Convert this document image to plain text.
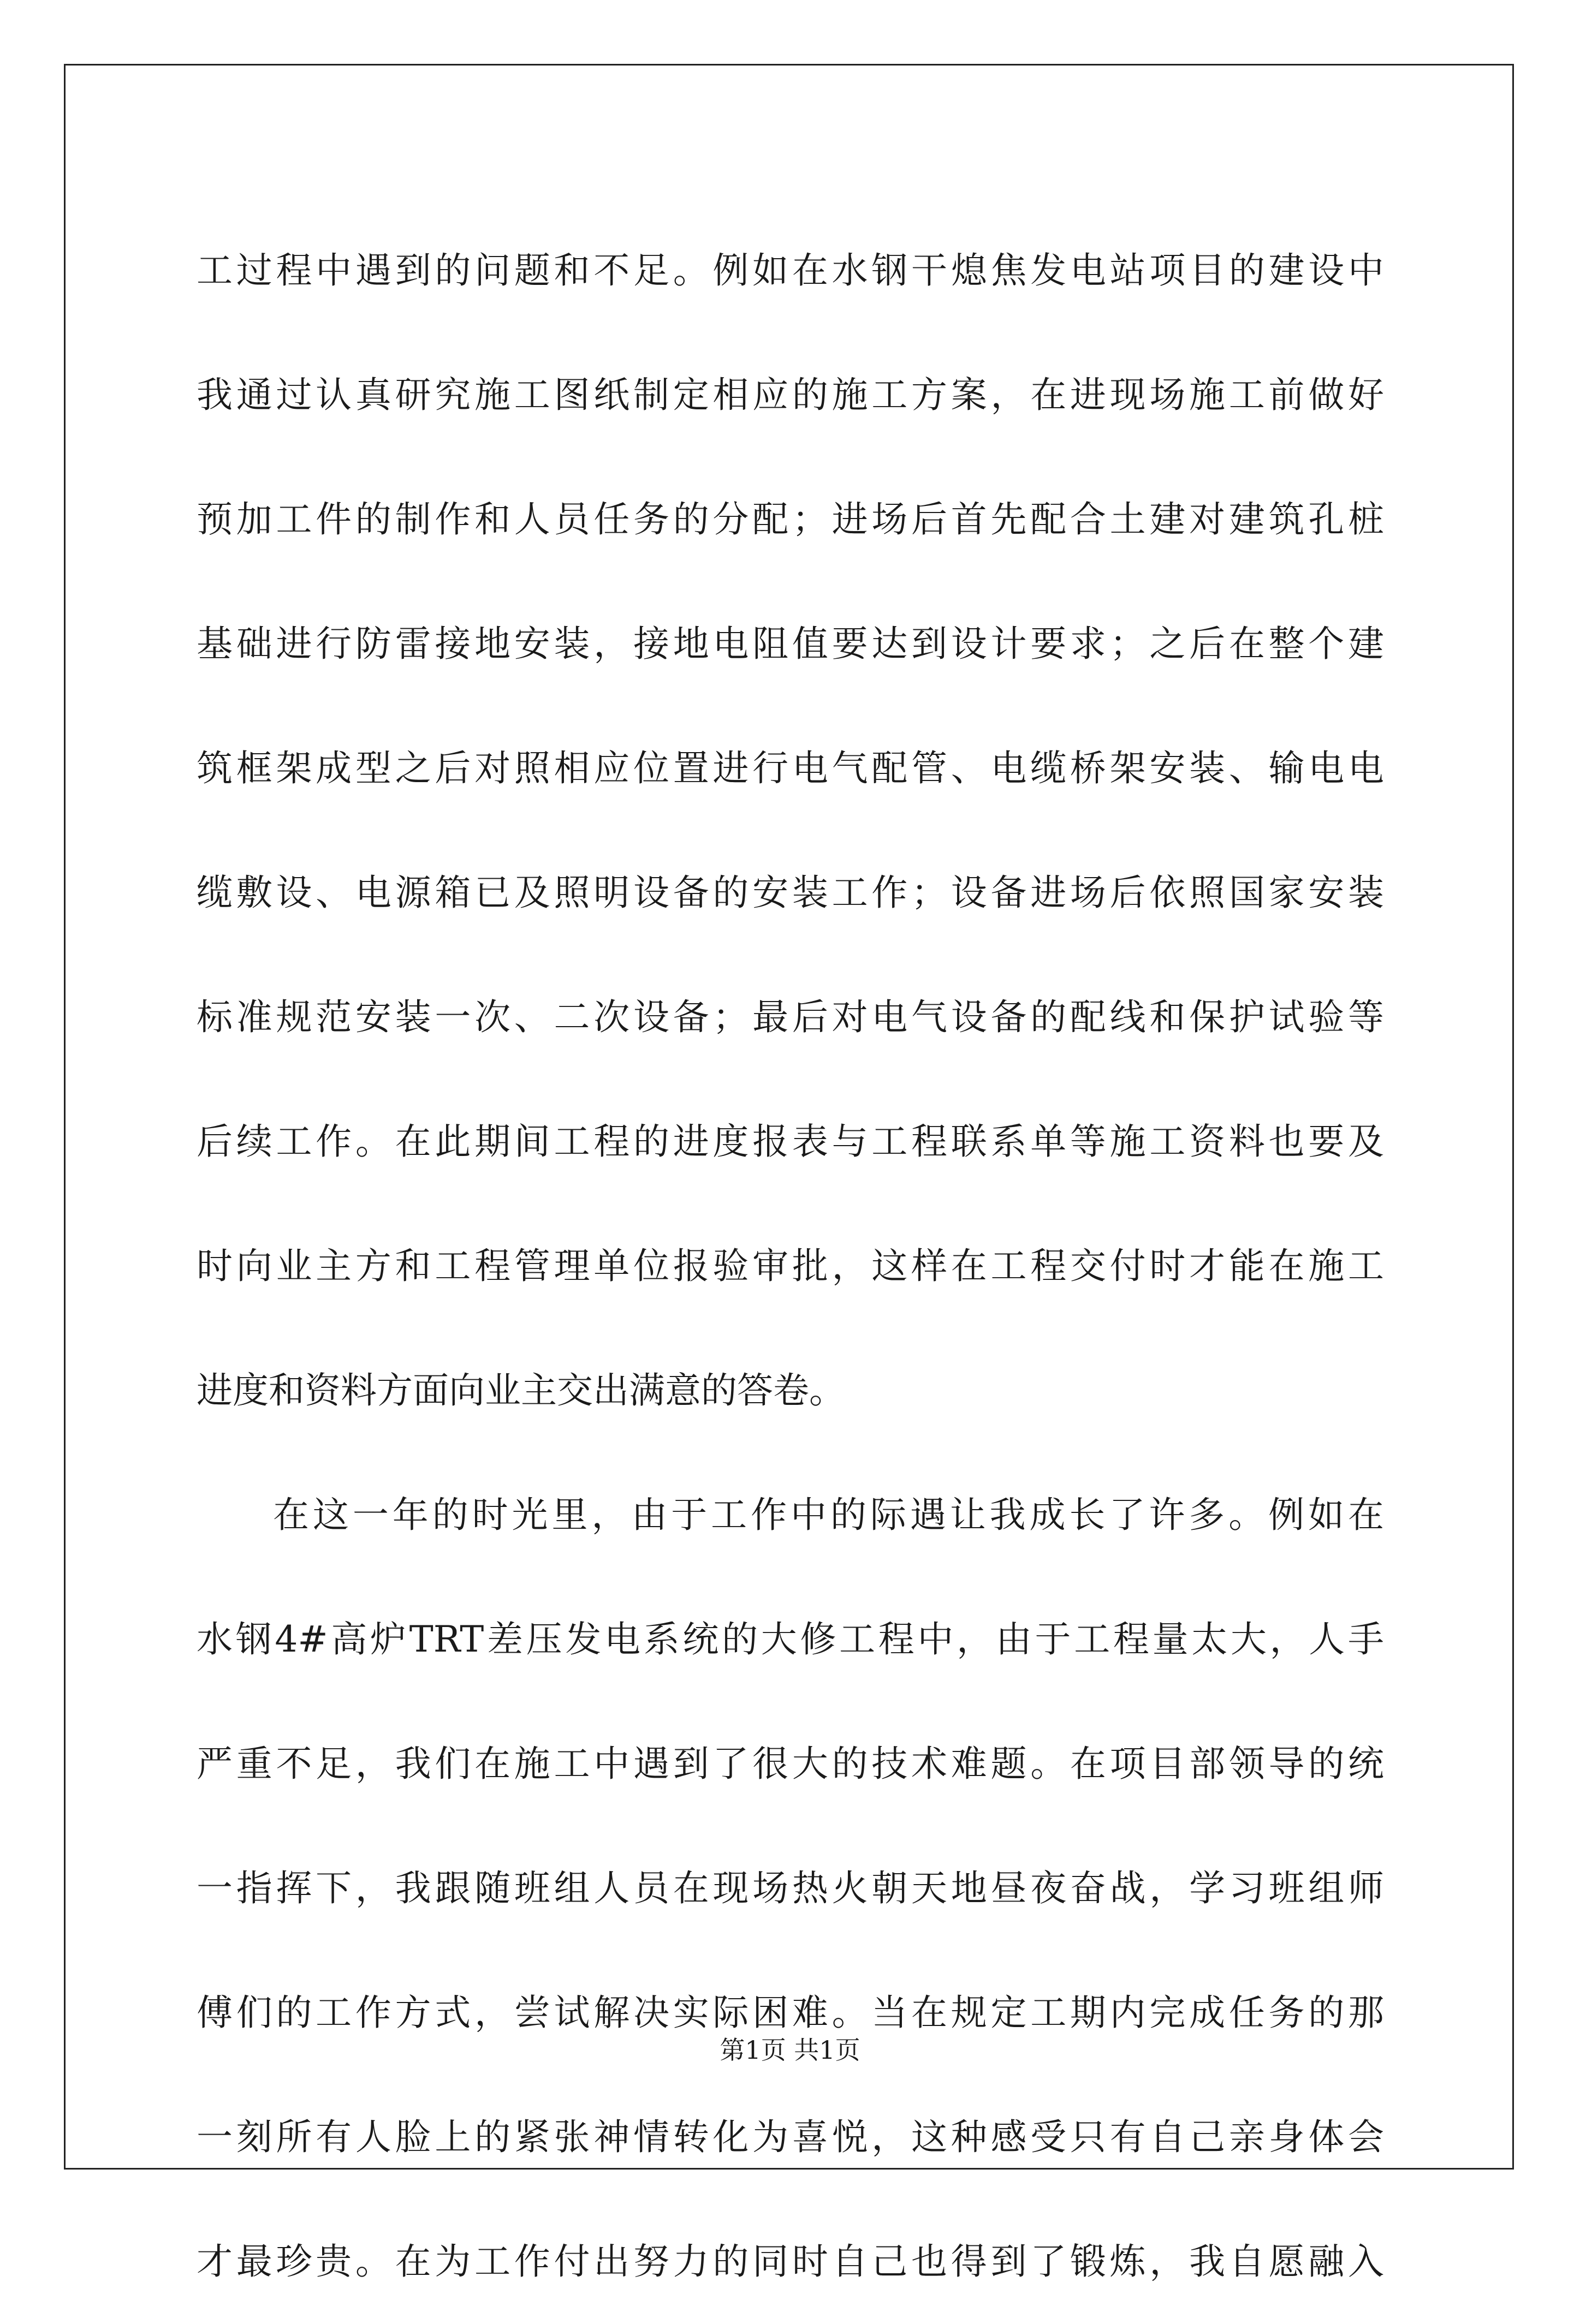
工过程中遇到的问题和不足。例如在水钢干熄焦发电站项目的建设中
我通过认真研究施工图纸制定相应的施工方案，在进现场施工前做好
预加工件的制作和人员任务的分配；进场后首先配合土建对建筑孔桩
基础进行防雷接地安装，接地电阻值要达到设计要求；之后在整个建
筑框架成型之后对照相应位置进行电气配管、电缆桥架安装、输电电
缆敷设、电源箱已及照明设备的安装工作；设备进场后依照国家安装
标准规范安装一次、二次设备；最后对电气设备的配线和保护试验等
后续工作。在此期间工程的进度报表与工程联系单等施工资料也要及
时向业主方和工程管理单位报验审批，这样在工程交付时才能在施工
进度和资料方面向业主交出满意的答卷。
在这一年的时光里，由于工作中的际遇让我成长了许多。例如在
水钢4#高炉TRT差压发电系统的大修工程中，由于工程量太大，人手
严重不足，我们在施工中遇到了很大的技术难题。在项目部领导的统
一指挥下，我跟随班组人员在现场热火朝天地昼夜奋战，学习班组师
傅们的工作方式，尝试解决实际困难。当在规定工期内完成任务的那
一刻所有人脸上的紧张神情转化为喜悦，这种感受只有自己亲身体会
才最珍贵。在为工作付出努力的同时自己也得到了锻炼，我自愿融入
第1页 共1页
